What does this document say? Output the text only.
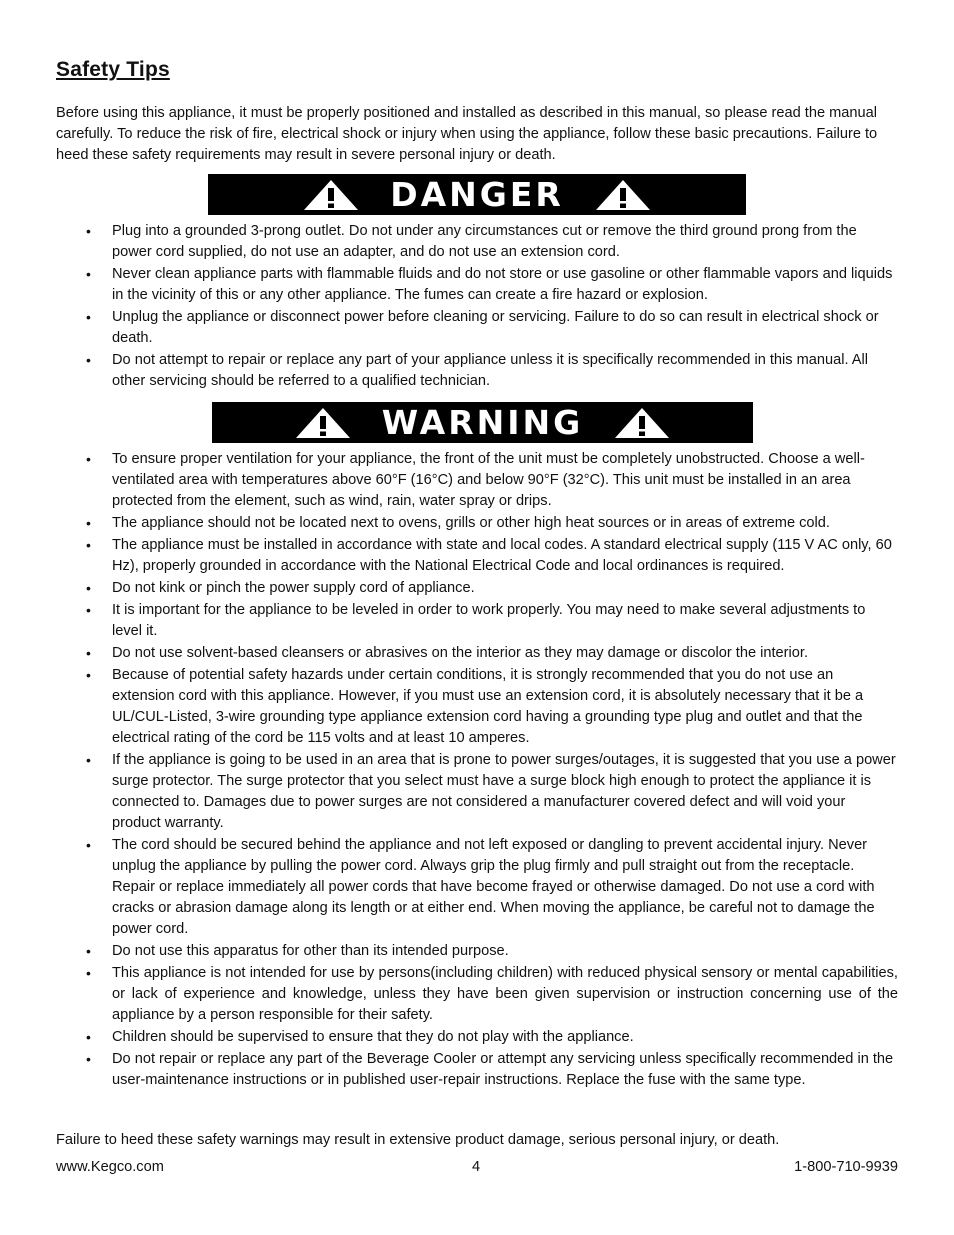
Safety Tips

Before using this appliance, it must be properly positioned and installed as described in this manual, so please read the manual carefully. To reduce the risk of fire, electrical shock or injury when using the appliance, follow these basic precautions. Failure to heed these safety requirements may result in severe personal injury or death.

DANGER
• Plug into a grounded 3-prong outlet. Do not under any circumstances cut or remove the third ground prong from the power cord supplied, do not use an adapter, and do not use an extension cord.
• Never clean appliance parts with flammable fluids and do not store or use gasoline or other flammable vapors and liquids in the vicinity of this or any other appliance. The fumes can create a fire hazard or explosion.
• Unplug the appliance or disconnect power before cleaning or servicing. Failure to do so can result in electrical shock or death.
• Do not attempt to repair or replace any part of your appliance unless it is specifically recommended in this manual. All other servicing should be referred to a qualified technician.
WARNING
• To ensure proper ventilation for your appliance, the front of the unit must be completely unobstructed. Choose a well-ventilated area with temperatures above 60°F (16°C) and below 90°F (32°C). This unit must be installed in an area protected from the element, such as wind, rain, water spray or drips.
• The appliance should not be located next to ovens, grills or other high heat sources or in areas of extreme cold.
• The appliance must be installed in accordance with state and local codes. A standard electrical supply (115 V AC only, 60 Hz), properly grounded in accordance with the National Electrical Code and local ordinances is required.
• Do not kink or pinch the power supply cord of appliance.
• It is important for the appliance to be leveled in order to work properly. You may need to make several adjustments to level it.
• Do not use solvent-based cleansers or abrasives on the interior as they may damage or discolor the interior.
• Because of potential safety hazards under certain conditions, it is strongly recommended that you do not use an extension cord with this appliance. However, if you must use an extension cord, it is absolutely necessary that it be a UL/CUL-Listed, 3-wire grounding type appliance extension cord having a grounding type plug and outlet and that the electrical rating of the cord be 115 volts and at least 10 amperes.
• If the appliance is going to be used in an area that is prone to power surges/outages, it is suggested that you use a power surge protector. The surge protector that you select must have a surge block high enough to protect the appliance it is connected to. Damages due to power surges are not considered a manufacturer covered defect and will void your product warranty.
• The cord should be secured behind the appliance and not left exposed or dangling to prevent accidental injury. Never unplug the appliance by pulling the power cord. Always grip the plug firmly and pull straight out from the receptacle. Repair or replace immediately all power cords that have become frayed or otherwise damaged. Do not use a cord with cracks or abrasion damage along its length or at either end. When moving the appliance, be careful not to damage the power cord.
• Do not use this apparatus for other than its intended purpose.
• This appliance is not intended for use by persons(including children) with reduced physical sensory or mental capabilities, or lack of experience and knowledge, unless they have been given supervision or instruction concerning use of the appliance by a person responsible for their safety.
• Children should be supervised to ensure that they do not play with the appliance.
• Do not repair or replace any part of the Beverage Cooler or attempt any servicing unless specifically recommended in the user-maintenance instructions or in published user-repair instructions. Replace the fuse with the same type.

Failure to heed these safety warnings may result in extensive product damage, serious personal injury, or death.

www.Kegco.com	4	1-800-710-9939
